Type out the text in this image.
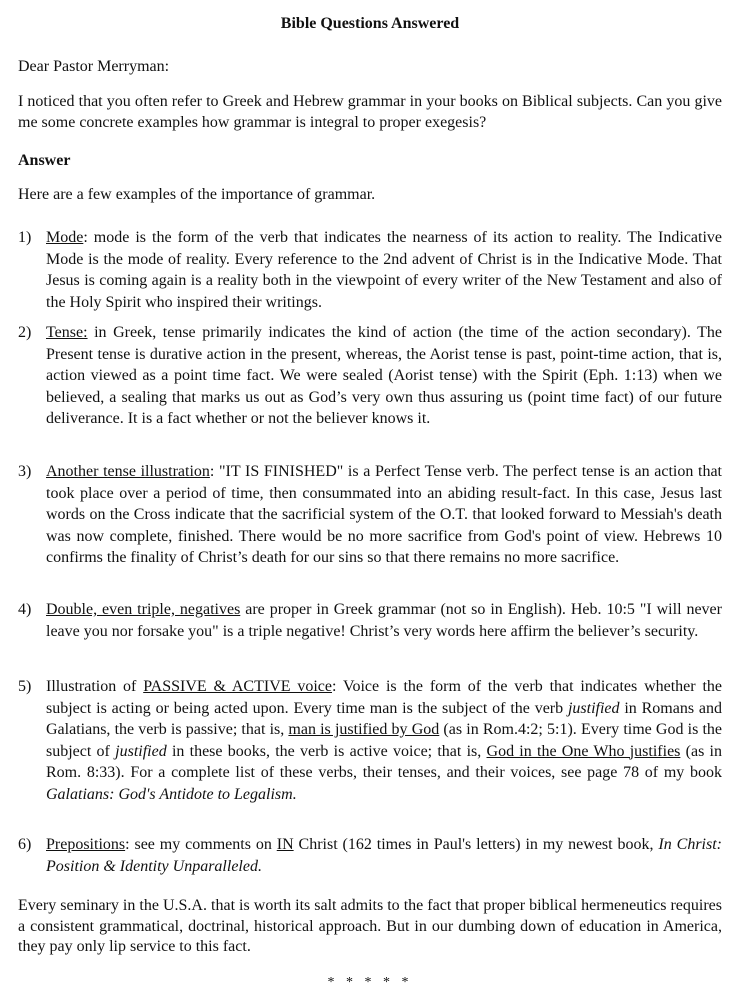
Bible Questions Answered

Dear Pastor Merryman:

I noticed that you often refer to Greek and Hebrew grammar in your books on Biblical subjects. Can you give me some concrete examples how grammar is integral to proper exegesis?

Answer

Here are a few examples of the importance of grammar.

1) Mode: mode is the form of the verb that indicates the nearness of its action to reality. The Indicative Mode is the mode of reality. Every reference to the 2nd advent of Christ is in the Indicative Mode. That Jesus is coming again is a reality both in the viewpoint of every writer of the New Testament and also of the Holy Spirit who inspired their writings.
2) Tense: in Greek, tense primarily indicates the kind of action (the time of the action secondary). The Present tense is durative action in the present, whereas, the Aorist tense is past, point-time action, that is, action viewed as a point time fact. We were sealed (Aorist tense) with the Spirit (Eph. 1:13) when we believed, a sealing that marks us out as God’s very own thus assuring us (point time fact) of our future deliverance. It is a fact whether or not the believer knows it.
3) Another tense illustration: "IT IS FINISHED" is a Perfect Tense verb. The perfect tense is an action that took place over a period of time, then consummated into an abiding result-fact. In this case, Jesus last words on the Cross indicate that the sacrificial system of the O.T. that looked forward to Messiah's death was now complete, finished. There would be no more sacrifice from God's point of view. Hebrews 10 confirms the finality of Christ’s death for our sins so that there remains no more sacrifice.
4) Double, even triple, negatives are proper in Greek grammar (not so in English). Heb. 10:5 "I will never leave you nor forsake you" is a triple negative! Christ’s very words here affirm the believer’s security.
5) Illustration of PASSIVE & ACTIVE voice: Voice is the form of the verb that indicates whether the subject is acting or being acted upon. Every time man is the subject of the verb justified in Romans and Galatians, the verb is passive; that is, man is justified by God (as in Rom.4:2; 5:1). Every time God is the subject of justified in these books, the verb is active voice; that is, God in the One Who justifies (as in Rom. 8:33). For a complete list of these verbs, their tenses, and their voices, see page 78 of my book Galatians: God's Antidote to Legalism.
6) Prepositions: see my comments on IN Christ (162 times in Paul's letters) in my newest book, In Christ: Position & Identity Unparalleled.

Every seminary in the U.S.A. that is worth its salt admits to the fact that proper biblical hermeneutics requires a consistent grammatical, doctrinal, historical approach. But in our dumbing down of education in America, they pay only lip service to this fact.

* * * * *
